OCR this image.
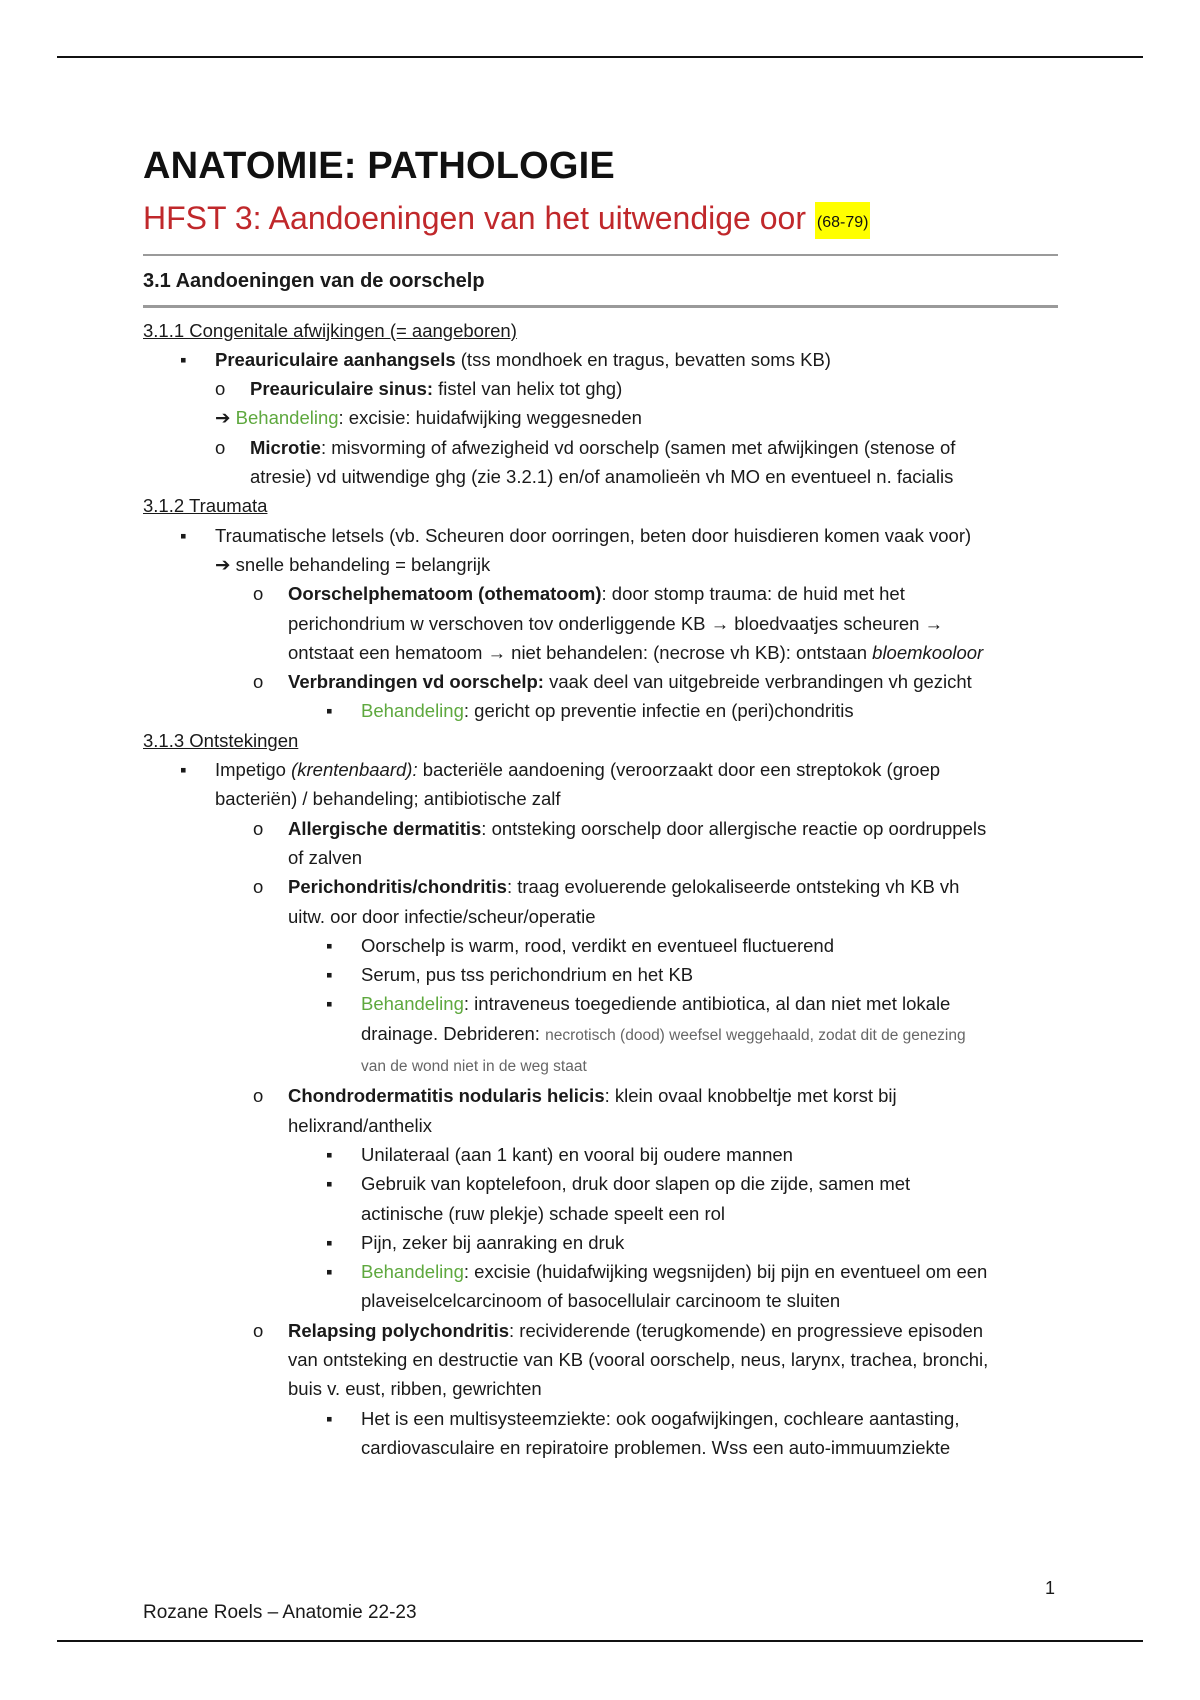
ANATOMIE: PATHOLOGIE
HFST 3: Aandoeningen van het uitwendige oor (68-79)
3.1 Aandoeningen van de oorschelp
3.1.1 Congenitale afwijkingen (= aangeboren)
▪
Preauriculaire aanhangsels (tss mondhoek en tragus, bevatten soms KB)
o
Preauriculaire sinus: fistel van helix tot ghg)
➔ Behandeling: excisie: huidafwijking weggesneden
o
Microtie: misvorming of afwezigheid vd oorschelp (samen met afwijkingen (stenose of
atresie) vd uitwendige ghg (zie 3.2.1) en/of anamolieën vh MO en eventueel n. facialis
3.1.2 Traumata
▪
Traumatische letsels (vb. Scheuren door oorringen, beten door huisdieren komen vaak voor)
➔ snelle behandeling = belangrijk
o
Oorschelphematoom (othematoom): door stomp trauma: de huid met het
perichondrium w verschoven tov onderliggende KB → bloedvaatjes scheuren →
ontstaat een hematoom → niet behandelen: (necrose vh KB): ontstaan bloemkooloor
o
Verbrandingen vd oorschelp: vaak deel van uitgebreide verbrandingen vh gezicht
▪
Behandeling: gericht op preventie infectie en (peri)chondritis
3.1.3 Ontstekingen
▪
Impetigo (krentenbaard): bacteriële aandoening (veroorzaakt door een streptokok (groep
bacteriën) / behandeling; antibiotische zalf
o
Allergische dermatitis: ontsteking oorschelp door allergische reactie op oordruppels
of zalven
o
Perichondritis/chondritis: traag evoluerende gelokaliseerde ontsteking vh KB vh
uitw. oor door infectie/scheur/operatie
▪
Oorschelp is warm, rood, verdikt en eventueel fluctuerend
▪
Serum, pus tss perichondrium en het KB
▪
Behandeling: intraveneus toegediende antibiotica, al dan niet met lokale
drainage. Debrideren: necrotisch (dood) weefsel weggehaald, zodat dit de genezing
van de wond niet in de weg staat
o
Chondrodermatitis nodularis helicis: klein ovaal knobbeltje met korst bij
helixrand/anthelix
▪
Unilateraal (aan 1 kant) en vooral bij oudere mannen
▪
Gebruik van koptelefoon, druk door slapen op die zijde, samen met
actinische (ruw plekje) schade speelt een rol
▪
Pijn, zeker bij aanraking en druk
▪
Behandeling: excisie (huidafwijking wegsnijden) bij pijn en eventueel om een
plaveiselcelcarcinoom of basocellulair carcinoom te sluiten
o
Relapsing polychondritis: recividerende (terugkomende) en progressieve episoden
van ontsteking en destructie van KB (vooral oorschelp, neus, larynx, trachea, bronchi,
buis v. eust, ribben, gewrichten
▪
Het is een multisysteemziekte: ook oogafwijkingen, cochleare aantasting,
cardiovasculaire en repiratoire problemen. Wss een auto-immuumziekte
1
Rozane Roels – Anatomie 22-23
